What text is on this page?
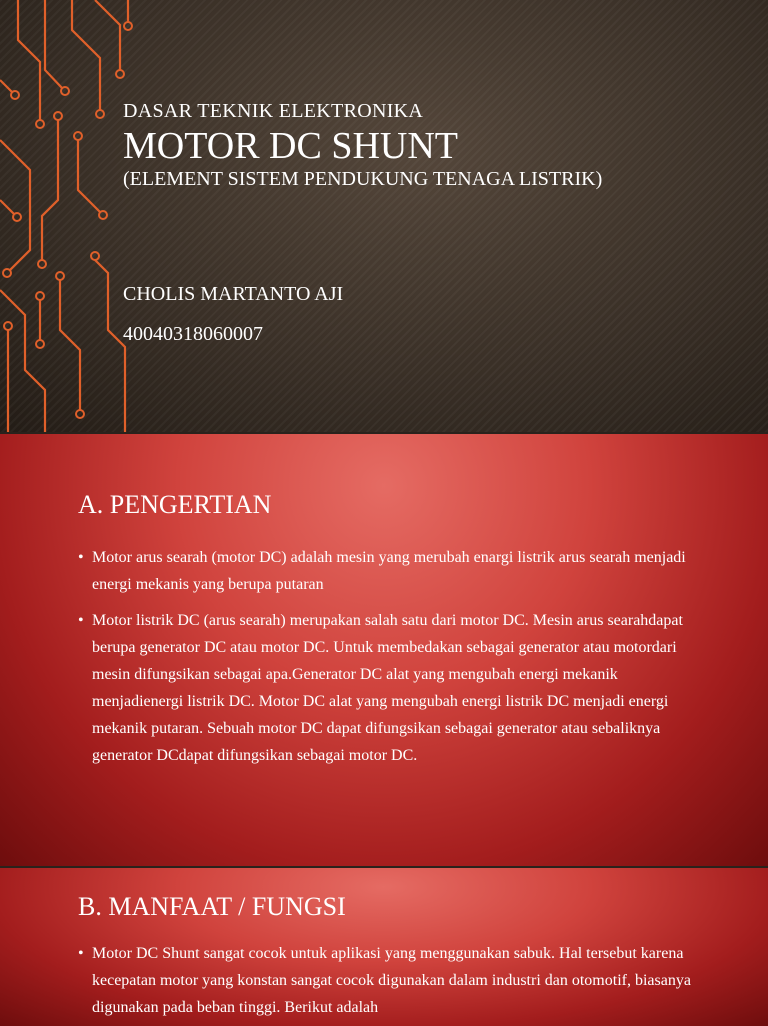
DASAR TEKNIK ELEKTRONIKA
MOTOR DC SHUNT
(ELEMENT SISTEM PENDUKUNG TENAGA LISTRIK)
CHOLIS MARTANTO AJI
40040318060007
A. PENGERTIAN
• Motor arus searah (motor DC) adalah mesin yang merubah enargi listrik arus searah menjadi energi mekanis yang berupa putaran
• Motor listrik DC (arus searah) merupakan salah satu dari motor DC. Mesin arus searahdapat berupa generator DC atau motor DC. Untuk membedakan sebagai generator atau motordari mesin difungsikan sebagai apa.Generator DC alat yang mengubah energi mekanik menjadienergi listrik DC. Motor DC alat yang mengubah energi listrik DC menjadi energi mekanik putaran. Sebuah motor DC dapat difungsikan sebagai generator atau sebaliknya generator DCdapat difungsikan sebagai motor DC.
B. MANFAAT / FUNGSI
• Motor DC Shunt sangat cocok untuk aplikasi yang menggunakan sabuk. Hal tersebut karena kecepatan motor yang konstan sangat cocok digunakan dalam industri dan otomotif, biasanya digunakan pada beban tinggi. Berikut adalah
